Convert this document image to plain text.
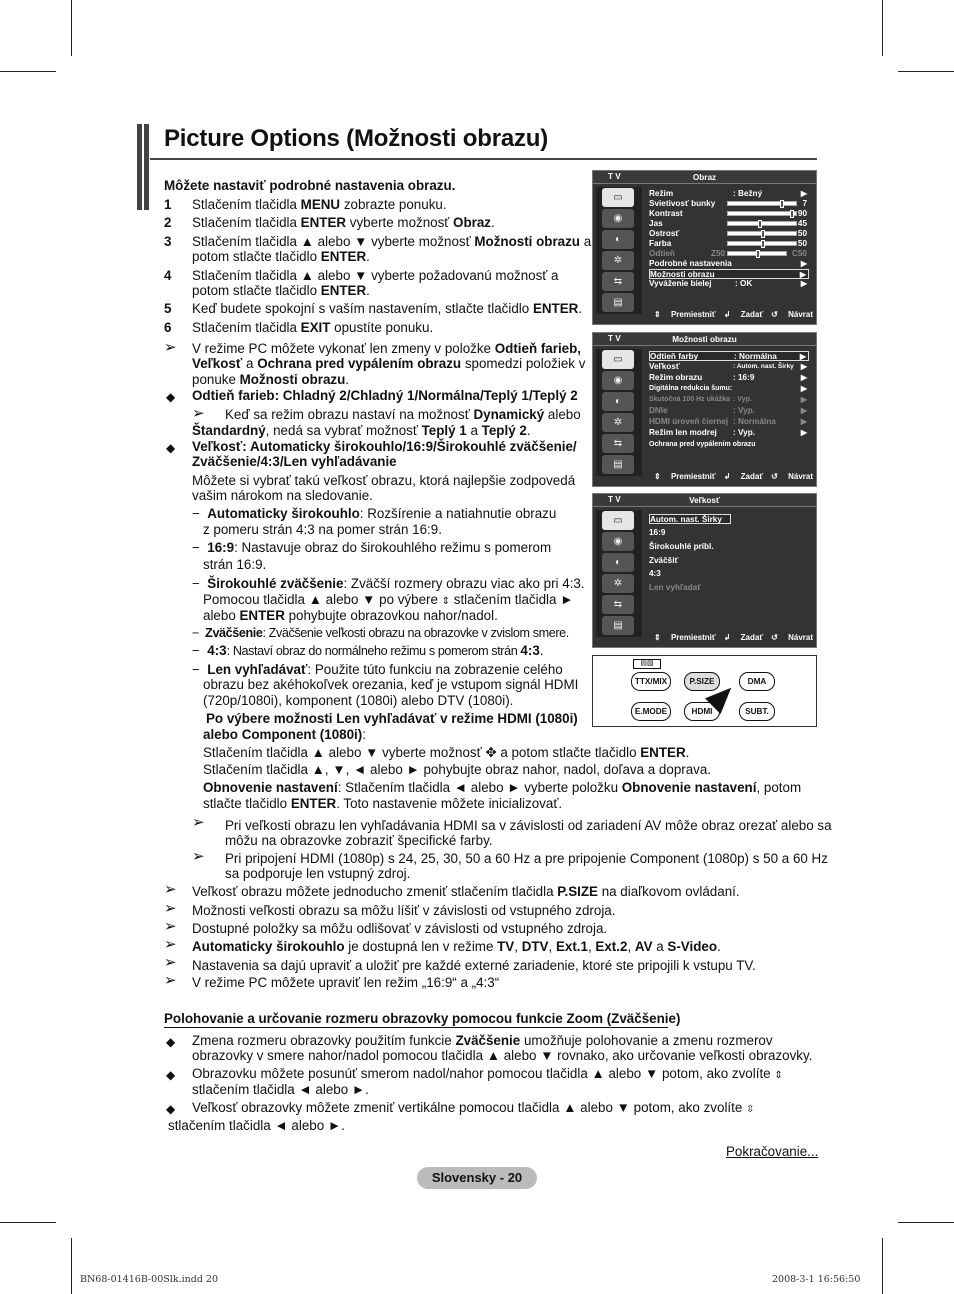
Picture Options (Možnosti obrazu)
Môžete nastaviť podrobné nastavenia obrazu.
1 Stlačením tlačidla MENU zobrazte ponuku.
2 Stlačením tlačidla ENTER vyberte možnosť Obraz.
3 Stlačením tlačidla ▲ alebo ▼ vyberte možnosť Možnosti obrazu a
potom stlačte tlačidlo ENTER.
4 Stlačením tlačidla ▲ alebo ▼ vyberte požadovanú možnosť a
potom stlačte tlačidlo ENTER.
5 Keď budete spokojní s vaším nastavením, stlačte tlačidlo ENTER.
6 Stlačením tlačidla EXIT opustíte ponuku.
➢ V režime PC môžete vykonať len zmeny v položke Odtieň farieb,
Veľkosť a Ochrana pred vypálením obrazu spomedzi položiek v
ponuke Možnosti obrazu.
◆ Odtieň farieb: Chladný 2/Chladný 1/Normálna/Teplý 1/Teplý 2
➢ Keď sa režim obrazu nastaví na možnosť Dynamický alebo
Štandardný, nedá sa vybrať možnosť Teplý 1 a Teplý 2.
◆ Veľkosť: Automaticky širokouhlo/16:9/Širokouhlé zväčšenie/
Zväčšenie/4:3/Len vyhľadávanie
Môžete si vybrať takú veľkosť obrazu, ktorá najlepšie zodpovedá
vašim nárokom na sledovanie.
−  Automaticky širokouhlo: Rozšírenie a natiahnutie obrazu
z pomeru strán 4:3 na pomer strán 16:9.
−  16:9: Nastavuje obraz do širokouhlého režimu s pomerom
strán 16:9.
−  Širokouhlé zväčšenie: Zväčší rozmery obrazu viac ako pri 4:3.
Pomocou tlačidla ▲ alebo ▼ po výbere ⇕ stlačením tlačidla ►
alebo ENTER pohybujte obrazovkou nahor/nadol.
−  Zväčšenie: Zväčšenie veľkosti obrazu na obrazovke v zvislom smere.
−  4:3: Nastaví obraz do normálneho režimu s pomerom strán 4:3.
−  Len vyhľadávať: Použite túto funkciu na zobrazenie celého
obrazu bez akéhokoľvek orezania, keď je vstupom signál HDMI
(720p/1080i), komponent (1080i) alebo DTV (1080i).
Po výbere možnosti Len vyhľadávať v režime HDMI (1080i)
alebo Component (1080i):
Stlačením tlačidla ▲ alebo ▼ vyberte možnosť ✥ a potom stlačte tlačidlo ENTER.
Stlačením tlačidla ▲, ▼, ◄ alebo ► pohybujte obraz nahor, nadol, doľava a doprava.
Obnovenie nastavení: Stlačením tlačidla ◄ alebo ► vyberte položku Obnovenie nastavení, potom
stlačte tlačidlo ENTER. Toto nastavenie môžete inicializovať.
➢ Pri veľkosti obrazu len vyhľadávania HDMI sa v závislosti od zariadení AV môže obraz orezať alebo sa
môžu na obrazovke zobraziť špecifické farby.
➢ Pri pripojení HDMI (1080p) s 24, 25, 30, 50 a 60 Hz a pre pripojenie Component (1080p) s 50 a 60 Hz
sa podporuje len vstupný zdroj.
➢ Veľkosť obrazu môžete jednoducho zmeniť stlačením tlačidla P.SIZE na diaľkovom ovládaní.
➢ Možnosti veľkosti obrazu sa môžu líšiť v závislosti od vstupného zdroja.
➢ Dostupné položky sa môžu odlišovať v závislosti od vstupného zdroja.
➢ Automaticky širokouhlo je dostupná len v režime TV, DTV, Ext.1, Ext.2, AV a S-Video.
➢ Nastavenia sa dajú upraviť a uložiť pre každé externé zariadenie, ktoré ste pripojili k vstupu TV.
➢ V režime PC môžete upraviť len režim „16:9“ a „4:3“
◆ Zmena rozmeru obrazovky použitím funkcie Zväčšenie umožňuje polohovanie a zmenu rozmerov
obrazovky v smere nahor/nadol pomocou tlačidla ▲ alebo ▼ rovnako, ako určovanie veľkosti obrazovky.
◆ Obrazovku môžete posunúť smerom nadol/nahor pomocou tlačidla ▲ alebo ▼ potom, ako zvolíte ⇕
stlačením tlačidla ◄ alebo ►.
◆ Veľkosť obrazovky môžete zmeniť vertikálne pomocou tlačidla ▲ alebo ▼ potom, ako zvolíte ⇳
stlačením tlačidla ◄ alebo ►.
T V	Obraz
▭
◉
◐
✲
⇆
▤
Režim	: Bežný	▶
Svietivosť bunky	7
Kontrast	90
Jas	45
Ostrosť	50
Farba	50
Odtieň	Z50	C50
Podrobné nastavenia	▶
Možnosti obrazu	▶
Vyváženie bielej	: OK	▶
⇕ Premiestniť ↲ Zadať ↺ Návrat
T V	Možnosti obrazu
▭
◉
◐
✲
⇆
▤
Odtieň farby	: Normálna	▶
Veľkosť	: Autom. nast. Širky ▶
Režim obrazu	: 16:9	▶
Digitálna redukcia šumu:	▶
Skutočná 100 Hz ukážka : Vyp.	▶
DNIe	: Vyp.	▶
HDMI úroveň čiernej : Normálna	▶
Režim len modrej : Vyp.	▶
Ochrana pred vypálením obrazu
⇕ Premiestniť ↲ Zadať ↺ Návrat
T V	Veľkosť
▭
◉
◐
✲
⇆
▤
Autom. nast. Širky
16:9
Širokouhlé príbl.
Zväčšiť
4:3
Len vyhľadať
⇕ Premiestniť ↲ Zadať ↺ Návrat
▤▨
TTX/MIX	P.SIZE	DMA
E.MODE	HDMI	SUBT.
Polohovanie a určovanie rozmeru obrazovky pomocou funkcie Zoom (Zväčšenie)
Pokračovanie...
Slovensky - 20
BN68-01416B-00Slk.indd 20	2008-3-1 16:56:50
